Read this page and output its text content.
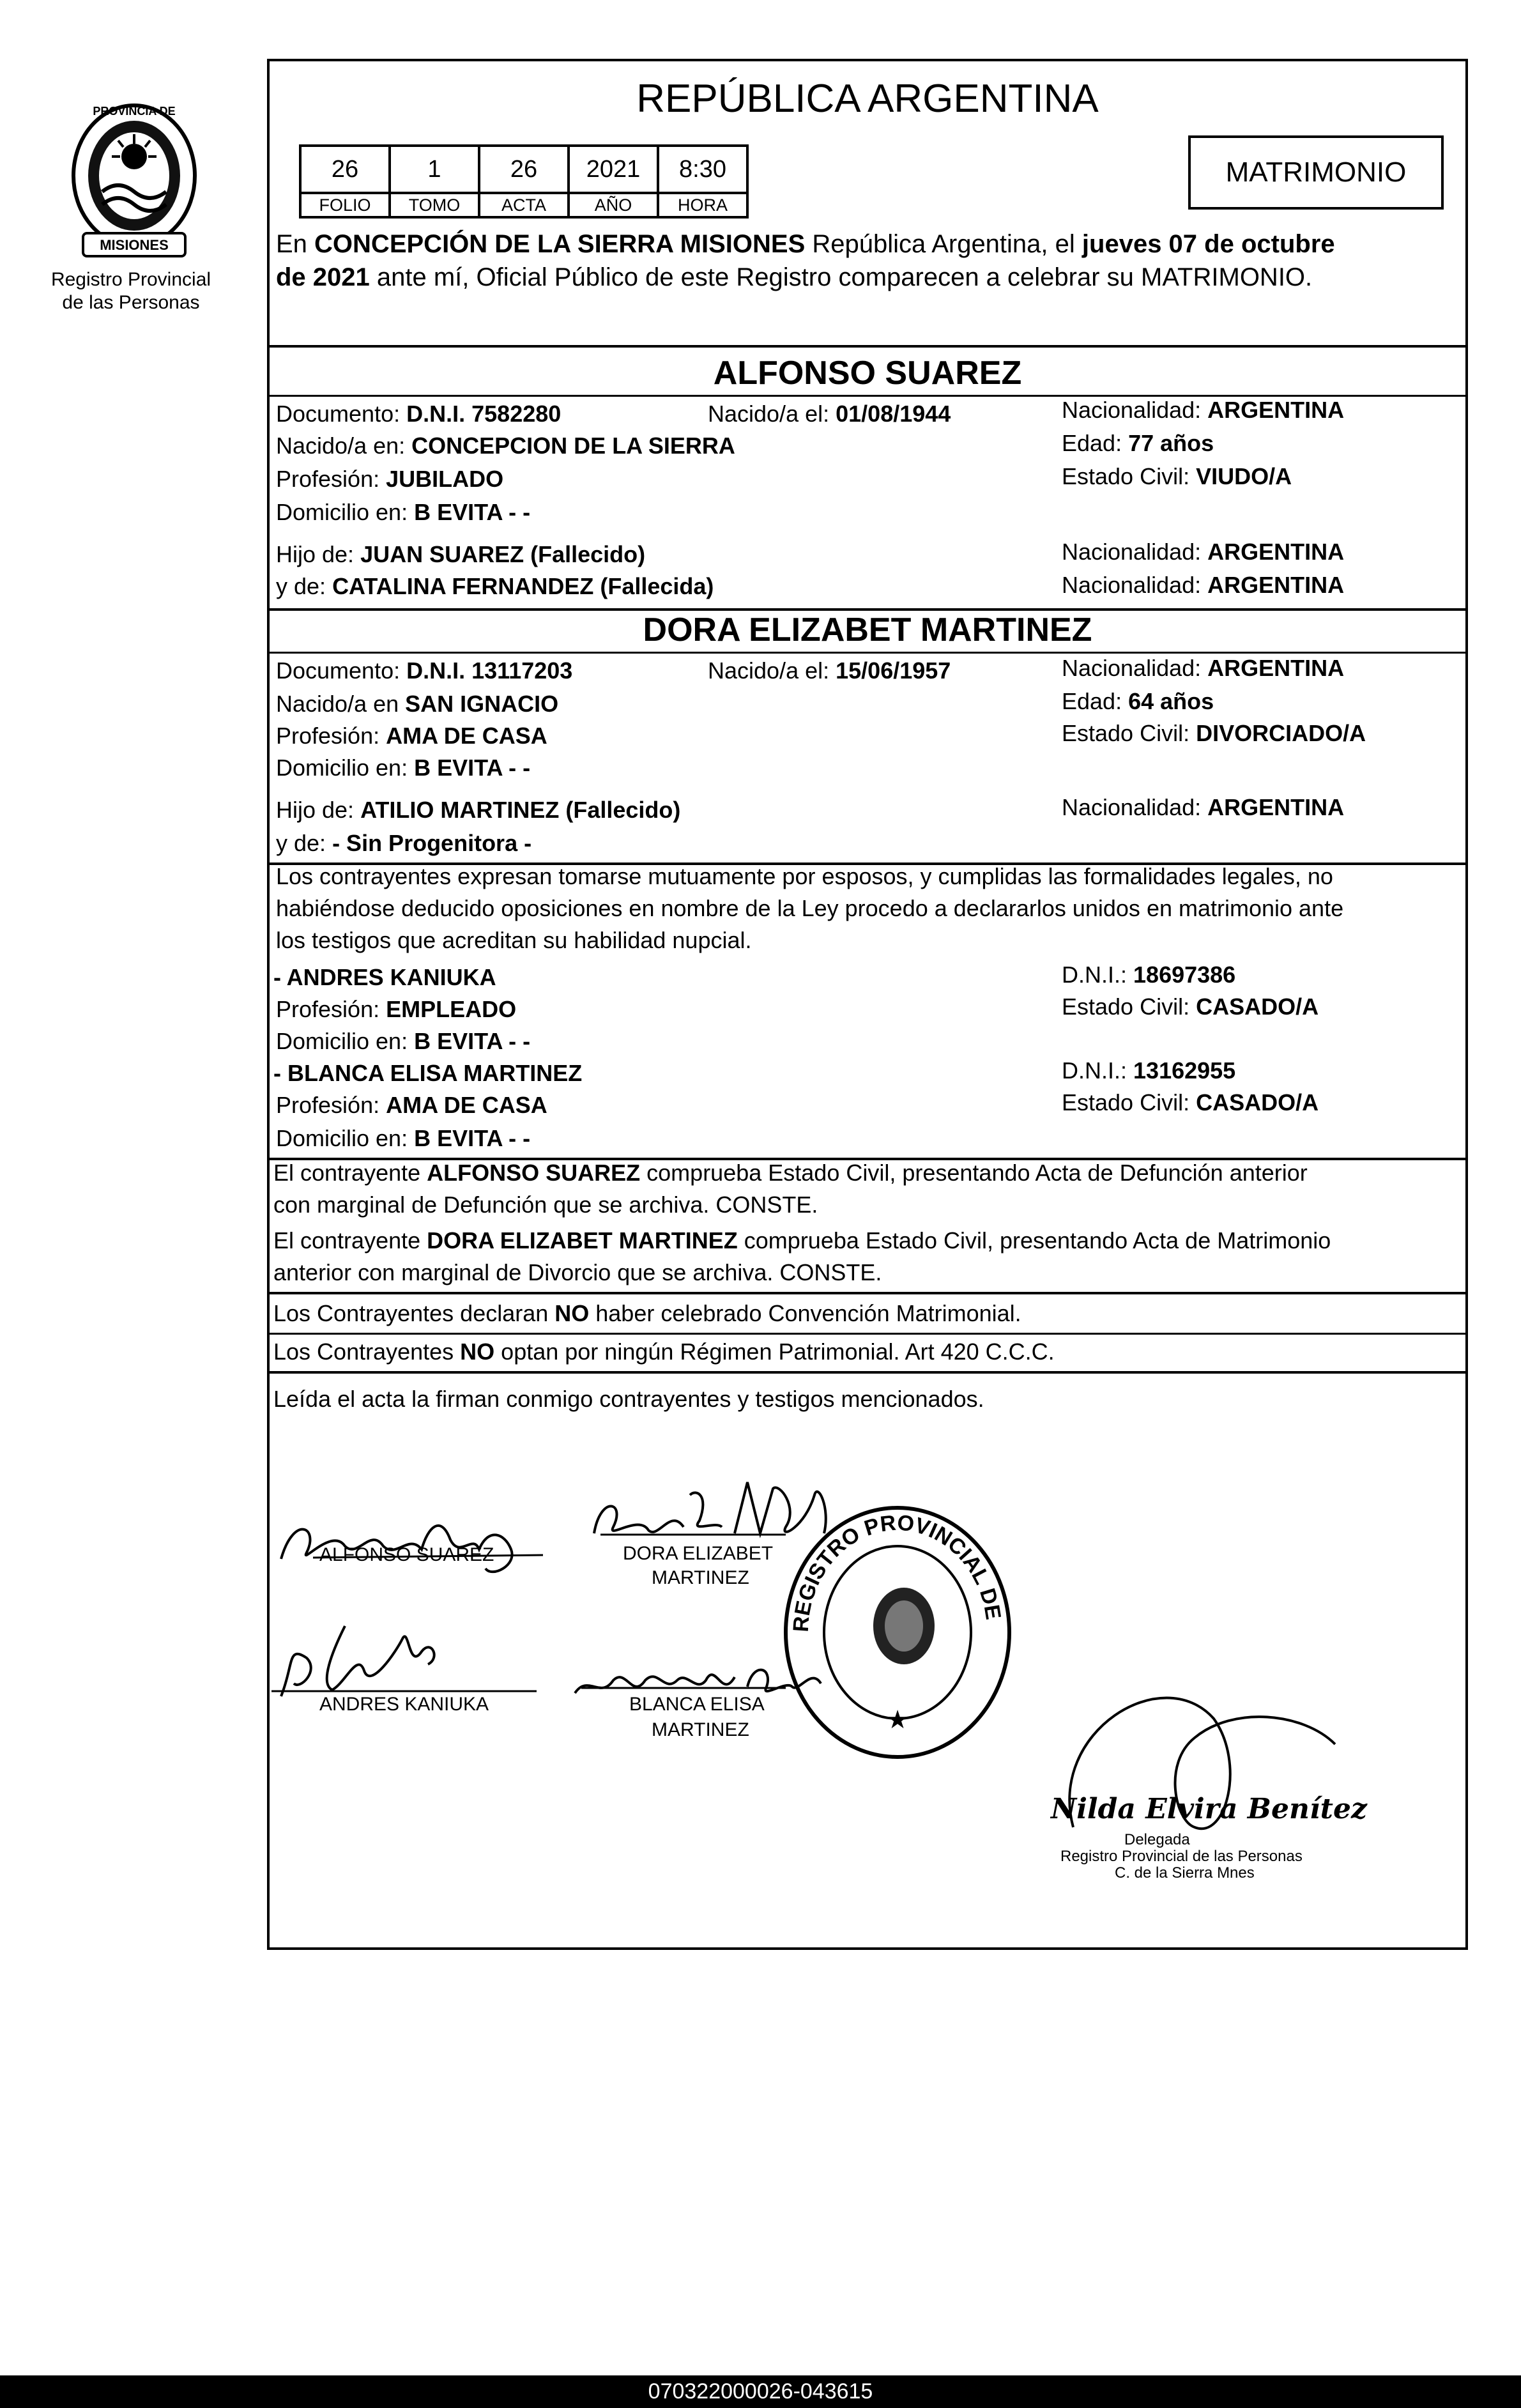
MISIONES
PROVINCIA DE
Registro Provincial
de las Personas
REPÚBLICA ARGENTINA
26	1	26	2021	8:30
FOLIO	TOMO	ACTA	AÑO	HORA
MATRIMONIO
En CONCEPCIÓN DE LA SIERRA MISIONES República Argentina, el jueves 07 de octubre
de 2021 ante mí, Oficial Público de este Registro comparecen a celebrar su MATRIMONIO.
ALFONSO SUAREZ
Documento: D.N.I. 7582280	Nacido/a el: 01/08/1944	Nacionalidad: ARGENTINA
Nacido/a en: CONCEPCION DE LA SIERRA	Edad: 77 años
Profesión: JUBILADO	Estado Civil: VIUDO/A
Domicilio en: B EVITA - -
Hijo de: JUAN SUAREZ (Fallecido)	Nacionalidad: ARGENTINA
y de: CATALINA FERNANDEZ (Fallecida)	Nacionalidad: ARGENTINA
DORA ELIZABET MARTINEZ
Documento: D.N.I. 13117203	Nacido/a el: 15/06/1957	Nacionalidad: ARGENTINA
Nacido/a en SAN IGNACIO	Edad: 64 años
Profesión: AMA DE CASA	Estado Civil: DIVORCIADO/A
Domicilio en: B EVITA - -
Hijo de: ATILIO MARTINEZ (Fallecido)	Nacionalidad: ARGENTINA
y de: - Sin Progenitora -
Los contrayentes expresan tomarse mutuamente por esposos, y cumplidas las formalidades legales, no
habiéndose deducido oposiciones en nombre de la Ley procedo a declararlos unidos en matrimonio ante
los testigos que acreditan su habilidad nupcial.
- ANDRES KANIUKA	D.N.I.: 18697386
Profesión: EMPLEADO	Estado Civil: CASADO/A
Domicilio en: B EVITA - -
- BLANCA ELISA MARTINEZ	D.N.I.: 13162955
Profesión: AMA DE CASA	Estado Civil: CASADO/A
Domicilio en: B EVITA - -
El contrayente ALFONSO SUAREZ comprueba Estado Civil, presentando Acta de Defunción anterior
con marginal de Defunción que se archiva. CONSTE.
El contrayente DORA ELIZABET MARTINEZ comprueba Estado Civil, presentando Acta de Matrimonio
anterior con marginal de Divorcio que se archiva. CONSTE.
Los Contrayentes declaran NO haber celebrado Convención Matrimonial.
Los Contrayentes NO optan por ningún Régimen Patrimonial. Art 420 C.C.C.
Leída el acta la firman conmigo contrayentes y testigos mencionados.
ALFONSO SUAREZ	DORA ELIZABET
MARTINEZ
ANDRES KANIUKA	BLANCA ELISA
MARTINEZ
REGISTRO PROVINCIAL DE
★
Nilda Elvira Benítez
Delegada
Registro Provincial de las Personas
C. de la Sierra Mnes
070322000026-043615
